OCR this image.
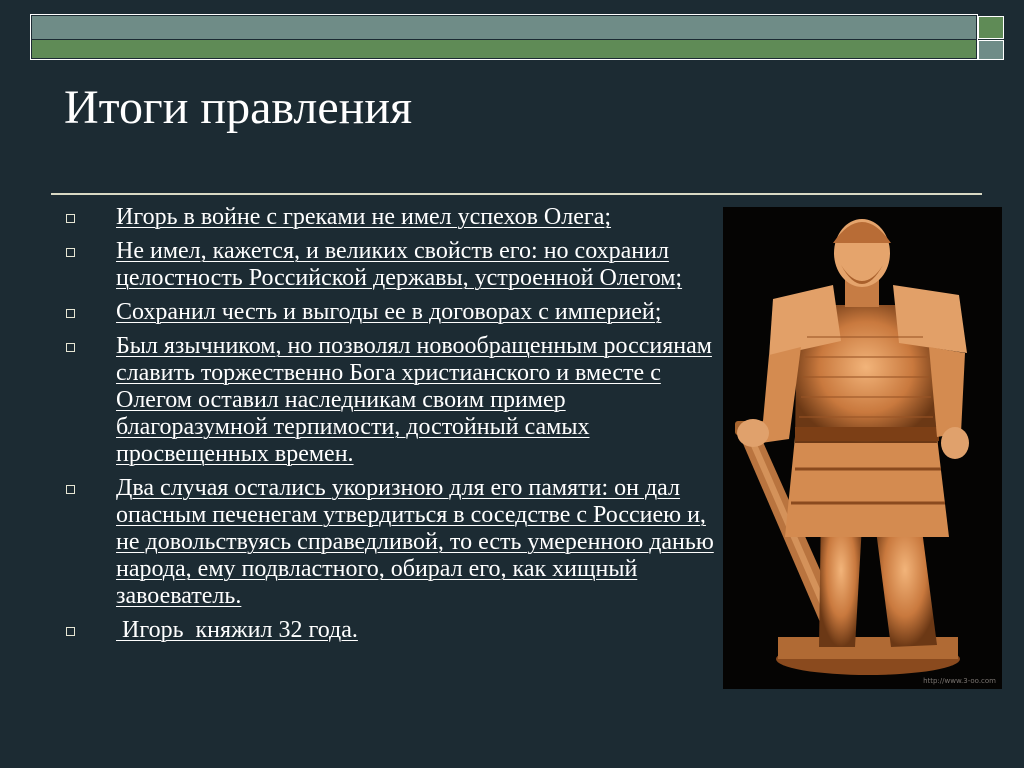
Итоги правления
Игорь в войне с греками не имел успехов Олега;
Не имел, кажется, и великих свойств его: но сохранил целостность Российской державы, устроенной Олегом;
Сохранил честь и выгоды ее в договорах с империей;
Был язычником, но позволял новообращенным россиянам славить торжественно Бога христианского и вместе с Олегом оставил наследникам своим пример благоразумной терпимости, достойный самых просвещенных времен.
Два случая остались укоризною для его памяти: он дал опасным печенегам утвердиться в соседстве с Россиею и, не довольствуясь справедливой, то есть умеренною данью народа, ему подвластного, обирал его, как хищный завоеватель.
Игорь  княжил 32 года.
http://www.3-oo.com
